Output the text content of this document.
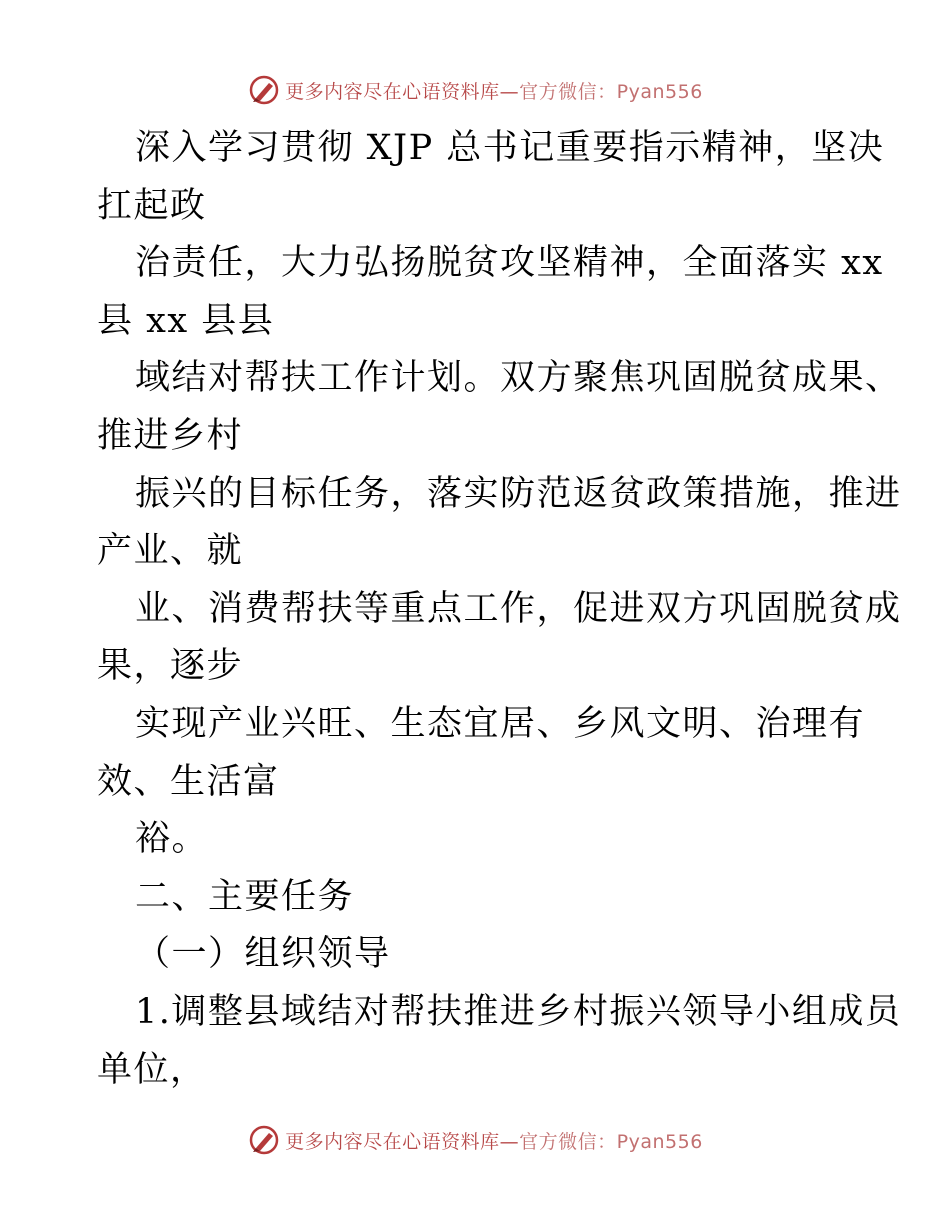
更多内容尽在心语资料库—官方微信：Pyan556
深入学习贯彻 XJP 总书记重要指示精神，坚决
扛起政
治责任，大力弘扬脱贫攻坚精神，全面落实 xx
县 xx 县县
域结对帮扶工作计划。双方聚焦巩固脱贫成果、
推进乡村
振兴的目标任务，落实防范返贫政策措施，推进
产业、就
业、消费帮扶等重点工作，促进双方巩固脱贫成
果，逐步
实现产业兴旺、生态宜居、乡风文明、治理有
效、生活富
裕。
二、主要任务
（一）组织领导
1.调整县域结对帮扶推进乡村振兴领导小组成员
单位，
更多内容尽在心语资料库—官方微信：Pyan556
